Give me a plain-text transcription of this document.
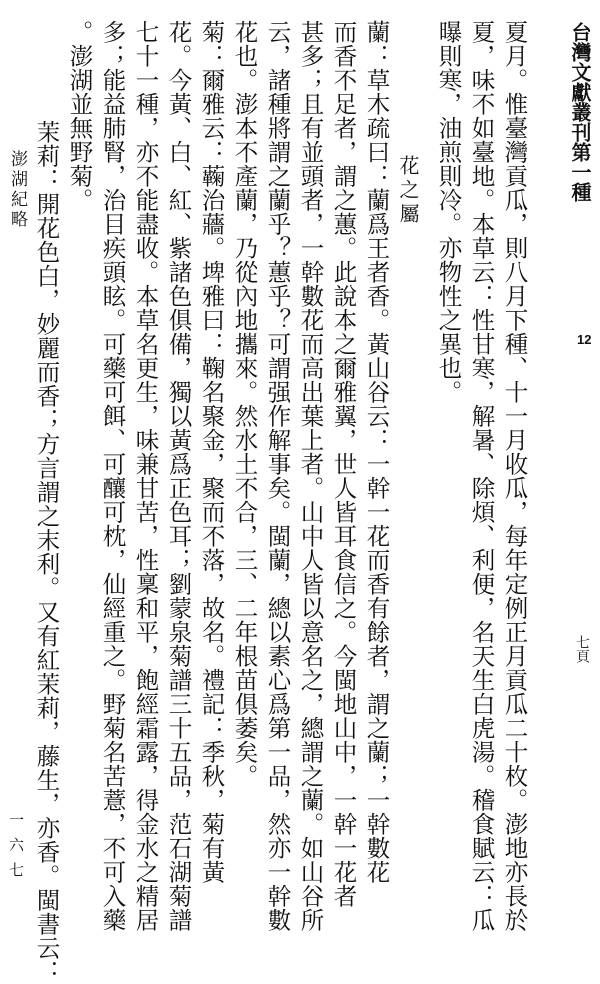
台灣文獻叢刊第一種
12
七頁
夏月。惟臺灣貢瓜，則八月下種、十一月收瓜，每年定例正月貢瓜二十枚。澎地亦長於
夏，味不如臺地。本草云：性甘寒，解暑、除煩、利便，名天生白虎湯。稽食賦云：瓜
曝則寒，油煎則冷。亦物性之異也。
花之屬
蘭：草木疏曰：蘭爲王者香。黃山谷云：一幹一花而香有餘者，謂之蘭；一幹數花
而香不足者，謂之蕙。此說本之爾雅翼，世人皆耳食信之。今閩地山中，一幹一花者
甚多；且有並頭者，一幹數花而高出葉上者。山中人皆以意名之，總謂之蘭。如山谷所
云，諸種將謂之蘭乎？蕙乎？可謂强作解事矣。閩蘭，總以素心爲第一品，然亦一幹數
花也。澎本不產蘭，乃從內地攜來。然水土不合，三、二年根苗俱萎矣。
菊：爾雅云：蘜治蘠。埤雅曰：鞠名聚金，聚而不落，故名。禮記：季秋，菊有黃
花。今黃、白、紅、紫諸色俱備，獨以黃爲正色耳；劉蒙泉菊譜三十五品，范石湖菊譜
七十一種，亦不能盡收。本草名更生，味兼甘苦，性稟和平，飽經霜露，得金水之精居
多；能益肺腎，治目疾頭眩。可藥可餌、可釀可枕，仙經重之。野菊名苦薏，不可入藥
。澎湖並無野菊。
茉莉：開花色白，妙麗而香；方言謂之末利。又有紅茉莉，藤生，亦香。閩書云：
澎湖紀略
一六七
